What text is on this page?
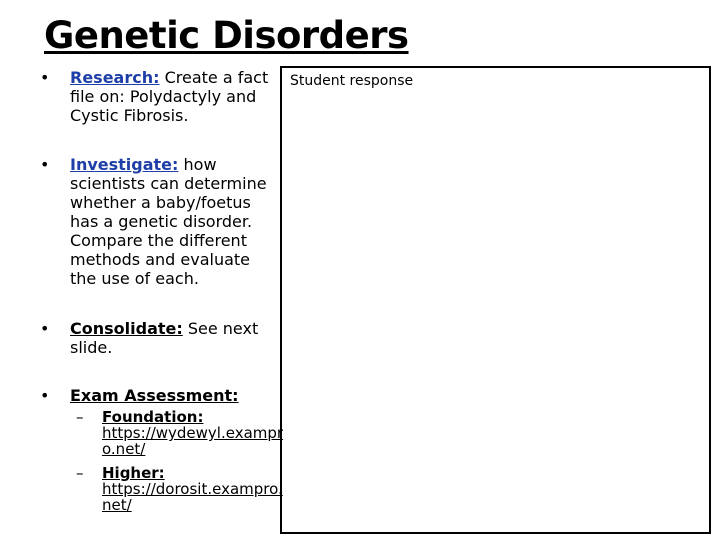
Genetic Disorders
• Research: Create a fact file on: Polydactyly and Cystic Fibrosis.
• Investigate: how scientists can determine whether a baby/foetus has a genetic disorder. Compare the different methods and evaluate the use of each.
• Consolidate: See next slide.
• Exam Assessment:
– Foundation:
https://wydewyl.exampro.net/
– Higher:
https://dorosit.exampro.net/
Student response
